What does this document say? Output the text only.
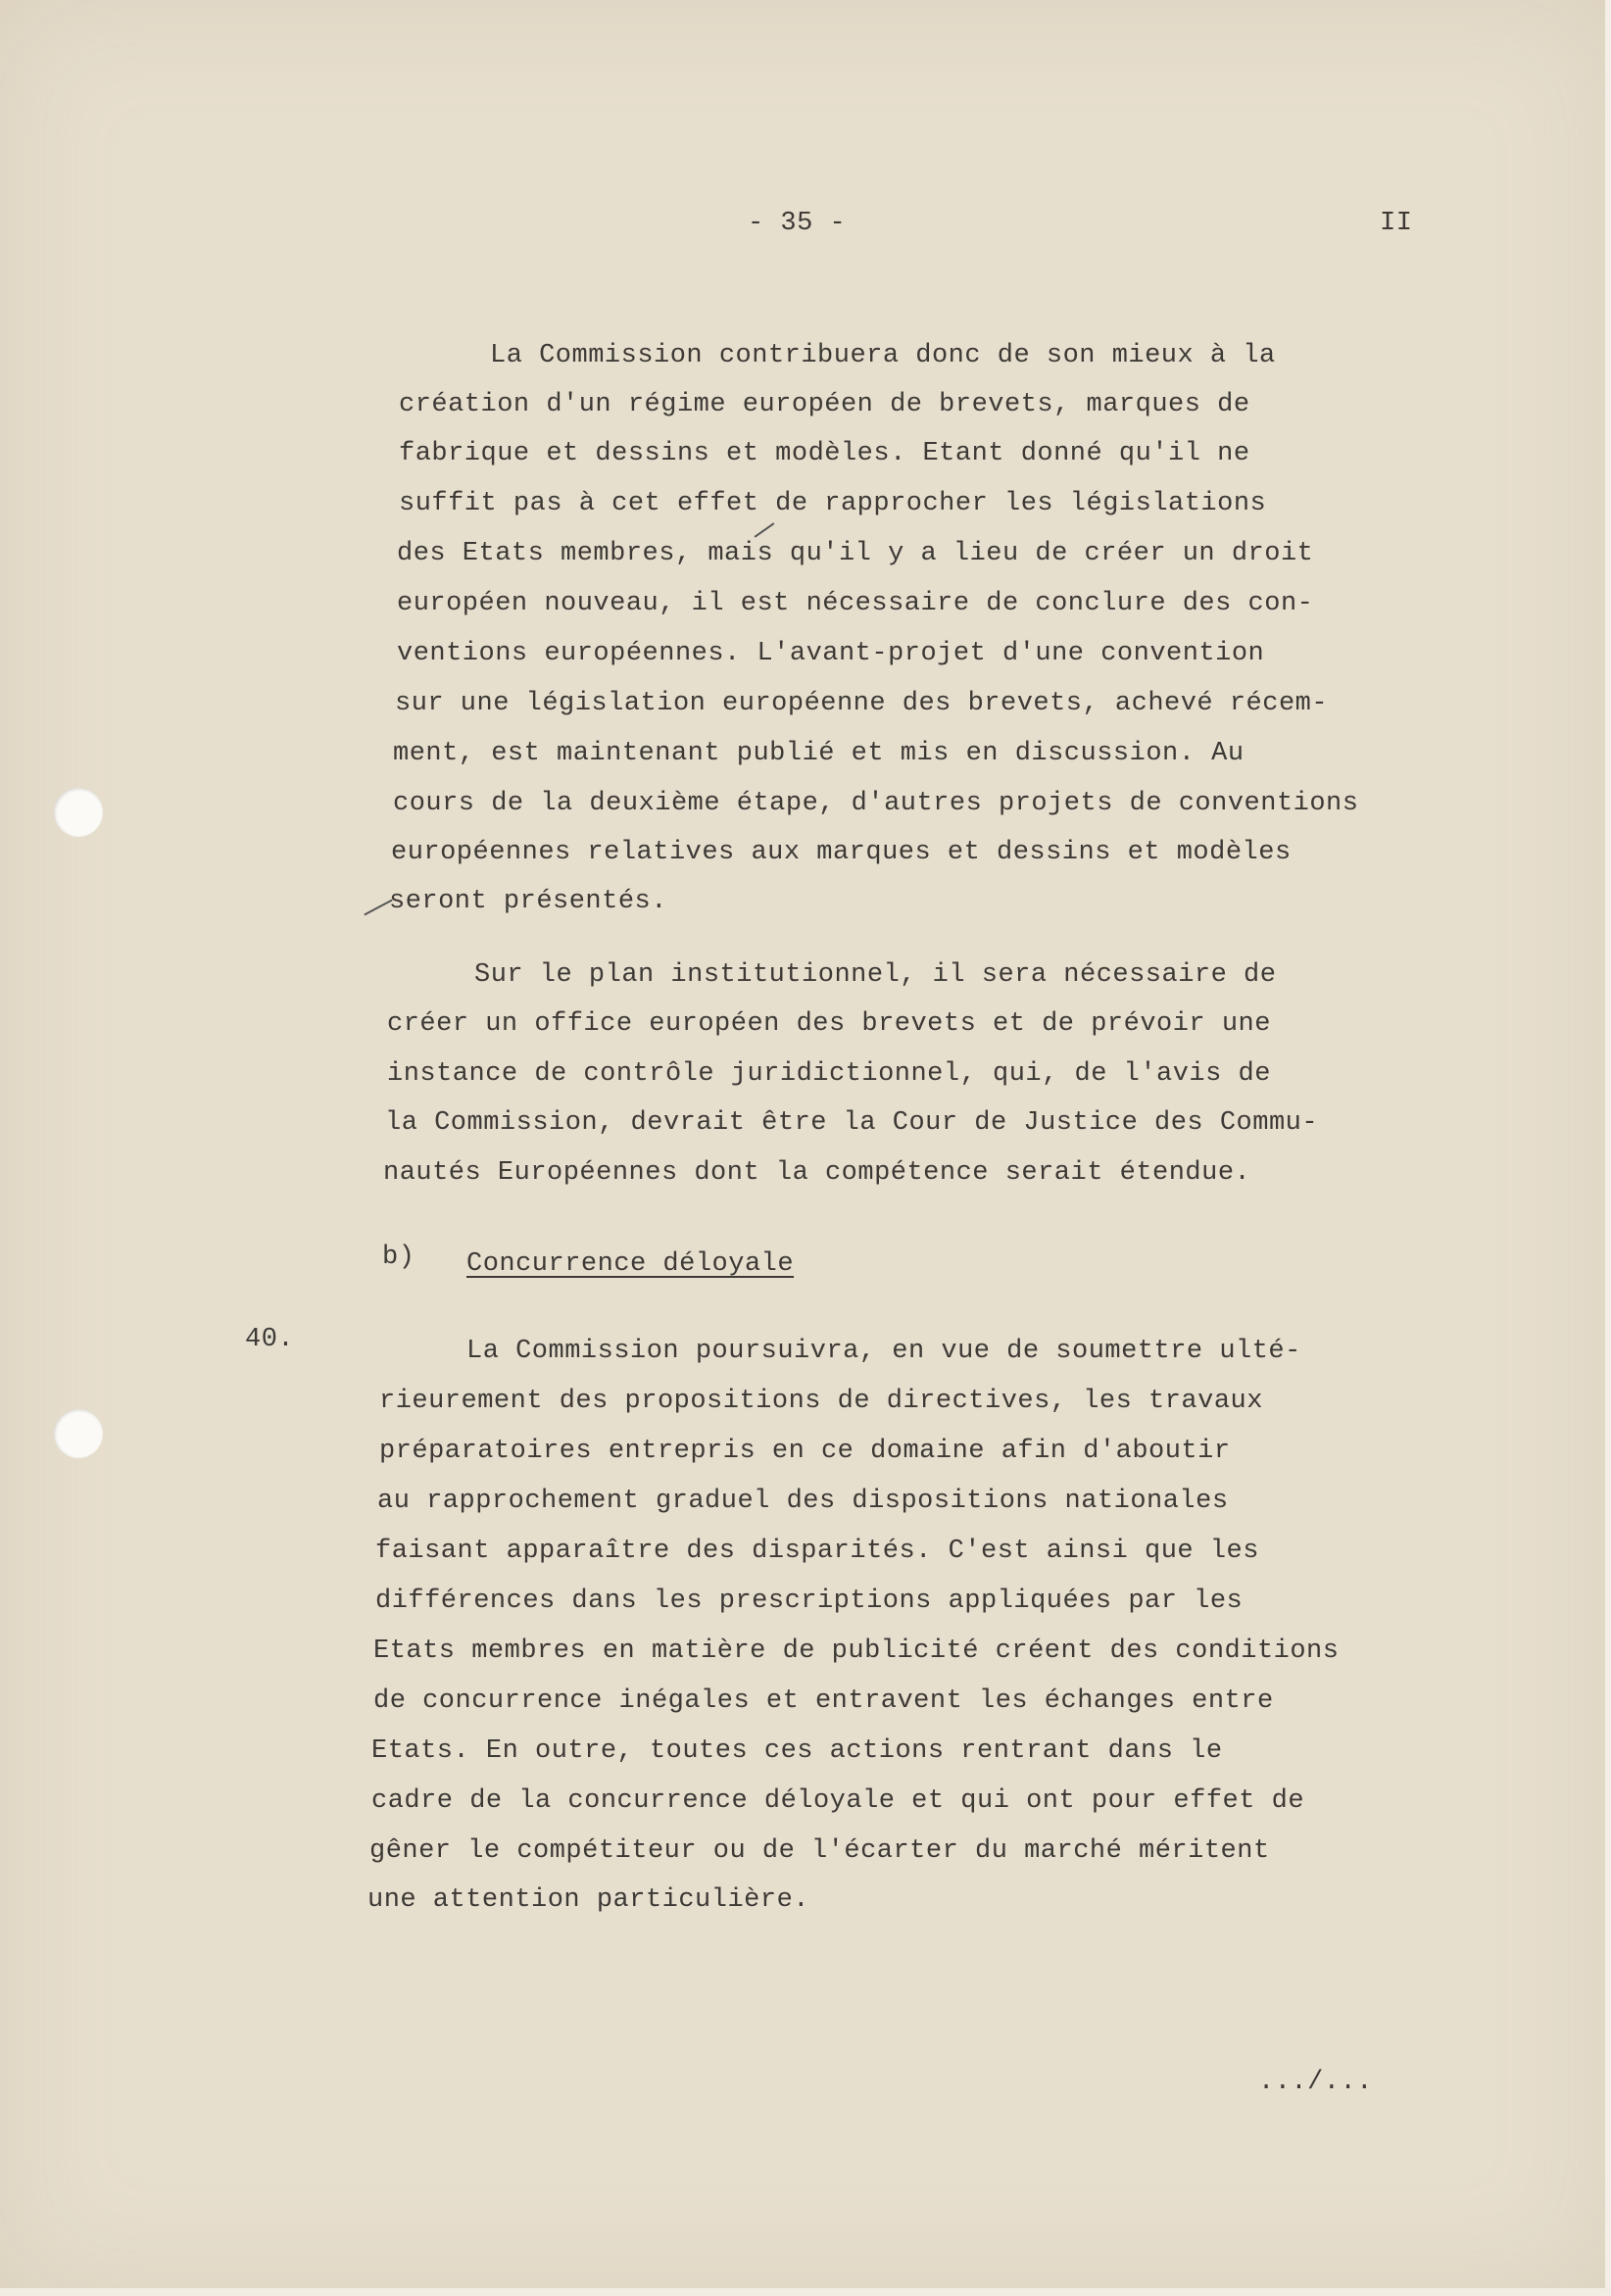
- 35 -	II
La Commission contribuera donc de son mieux à la
création d'un régime européen de brevets, marques de
fabrique et dessins et modèles. Etant donné qu'il ne
suffit pas à cet effet de rapprocher les législations
des Etats membres, mais qu'il y a lieu de créer un droit
européen nouveau, il est nécessaire de conclure des con-
ventions européennes. L'avant-projet d'une convention
sur une législation européenne des brevets, achevé récem-
ment, est maintenant publié et mis en discussion. Au
cours de la deuxième étape, d'autres projets de conventions
européennes relatives aux marques et dessins et modèles
seront présentés.
Sur le plan institutionnel, il sera nécessaire de
créer un office européen des brevets et de prévoir une
instance de contrôle juridictionnel, qui, de l'avis de
la Commission, devrait être la Cour de Justice des Commu-
nautés Européennes dont la compétence serait étendue.
b) Concurrence déloyale
40.	La Commission poursuivra, en vue de soumettre ulté-
rieurement des propositions de directives, les travaux
préparatoires entrepris en ce domaine afin d'aboutir
au rapprochement graduel des dispositions nationales
faisant apparaître des disparités. C'est ainsi que les
différences dans les prescriptions appliquées par les
Etats membres en matière de publicité créent des conditions
de concurrence inégales et entravent les échanges entre
Etats. En outre, toutes ces actions rentrant dans le
cadre de la concurrence déloyale et qui ont pour effet de
gêner le compétiteur ou de l'écarter du marché méritent
une attention particulière.
.../...
